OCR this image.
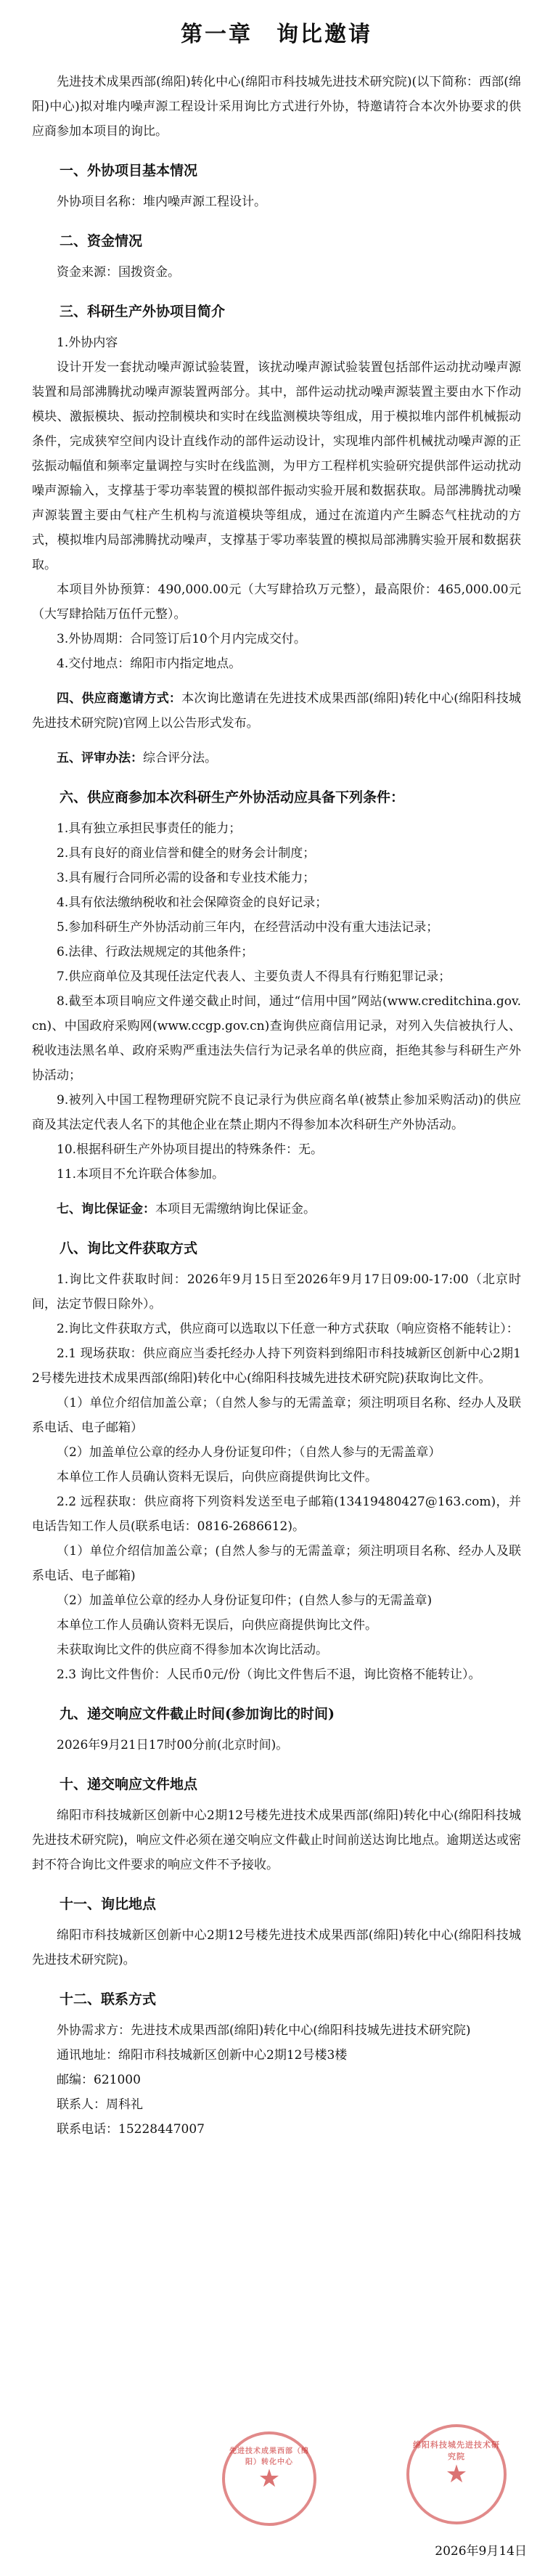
第一章　询比邀请

先进技术成果西部(绵阳)转化中心(绵阳市科技城先进技术研究院)(以下简称：西部(绵阳)中心)拟对堆内噪声源工程设计采用询比方式进行外协，特邀请符合本次外协要求的供应商参加本项目的询比。

一、外协项目基本情况

外协项目名称：堆内噪声源工程设计。

二、资金情况

资金来源：国拨资金。

三、科研生产外协项目简介

1.外协内容

设计开发一套扰动噪声源试验装置，该扰动噪声源试验装置包括部件运动扰动噪声源装置和局部沸腾扰动噪声源装置两部分。其中，部件运动扰动噪声源装置主要由水下作动模块、激振模块、振动控制模块和实时在线监测模块等组成，用于模拟堆内部件机械振动条件，完成狭窄空间内设计直线作动的部件运动设计，实现堆内部件机械扰动噪声源的正弦振动幅值和频率定量调控与实时在线监测，为甲方工程样机实验研究提供部件运动扰动噪声源输入，支撑基于零功率装置的模拟部件振动实验开展和数据获取。局部沸腾扰动噪声源装置主要由气柱产生机构与流道模块等组成，通过在流道内产生瞬态气柱扰动的方式，模拟堆内局部沸腾扰动噪声，支撑基于零功率装置的模拟局部沸腾实验开展和数据获取。

本项目外协预算：490,000.00元（大写肆拾玖万元整），最高限价：465,000.00元（大写肆拾陆万伍仟元整）。

3.外协周期：合同签订后10个月内完成交付。

4.交付地点：绵阳市内指定地点。

四、供应商邀请方式：本次询比邀请在先进技术成果西部(绵阳)转化中心(绵阳科技城先进技术研究院)官网上以公告形式发布。

五、评审办法：综合评分法。

六、供应商参加本次科研生产外协活动应具备下列条件：

1.具有独立承担民事责任的能力；

2.具有良好的商业信誉和健全的财务会计制度；

3.具有履行合同所必需的设备和专业技术能力；

4.具有依法缴纳税收和社会保障资金的良好记录；

5.参加科研生产外协活动前三年内，在经营活动中没有重大违法记录；

6.法律、行政法规规定的其他条件；

7.供应商单位及其现任法定代表人、主要负责人不得具有行贿犯罪记录；

8.截至本项目响应文件递交截止时间，通过“信用中国”网站(www.creditchina.gov.cn)、中国政府采购网(www.ccgp.gov.cn)查询供应商信用记录，对列入失信被执行人、税收违法黑名单、政府采购严重违法失信行为记录名单的供应商，拒绝其参与科研生产外协活动；

9.被列入中国工程物理研究院不良记录行为供应商名单(被禁止参加采购活动)的供应商及其法定代表人名下的其他企业在禁止期内不得参加本次科研生产外协活动。

10.根据科研生产外协项目提出的特殊条件：无。

11.本项目不允许联合体参加。

七、询比保证金：本项目无需缴纳询比保证金。

八、询比文件获取方式

1.询比文件获取时间：2026年9月15日至2026年9月17日09:00-17:00（北京时间，法定节假日除外）。

2.询比文件获取方式，供应商可以选取以下任意一种方式获取（响应资格不能转让）：

2.1 现场获取：供应商应当委托经办人持下列资料到绵阳市科技城新区创新中心2期12号楼先进技术成果西部(绵阳)转化中心(绵阳科技城先进技术研究院)获取询比文件。

（1）单位介绍信加盖公章；（自然人参与的无需盖章；须注明项目名称、经办人及联系电话、电子邮箱）

（2）加盖单位公章的经办人身份证复印件；（自然人参与的无需盖章）

本单位工作人员确认资料无误后，向供应商提供询比文件。

2.2 远程获取：供应商将下列资料发送至电子邮箱(13419480427@163.com)，并电话告知工作人员(联系电话：0816-2686612)。

（1）单位介绍信加盖公章；(自然人参与的无需盖章；须注明项目名称、经办人及联系电话、电子邮箱)

（2）加盖单位公章的经办人身份证复印件；(自然人参与的无需盖章)

本单位工作人员确认资料无误后，向供应商提供询比文件。

未获取询比文件的供应商不得参加本次询比活动。

2.3 询比文件售价：人民币0元/份（询比文件售后不退，询比资格不能转让）。

九、递交响应文件截止时间(参加询比的时间)

2026年9月21日17时00分前(北京时间)。

十、递交响应文件地点

绵阳市科技城新区创新中心2期12号楼先进技术成果西部(绵阳)转化中心(绵阳科技城先进技术研究院)，响应文件必须在递交响应文件截止时间前送达询比地点。逾期送达或密封不符合询比文件要求的响应文件不予接收。

十一、询比地点

绵阳市科技城新区创新中心2期12号楼先进技术成果西部(绵阳)转化中心(绵阳科技城先进技术研究院)。

十二、联系方式

外协需求方：先进技术成果西部(绵阳)转化中心(绵阳科技城先进技术研究院)

通讯地址：绵阳市科技城新区创新中心2期12号楼3楼

邮编：621000

联系人：周科礼

联系电话：15228447007

先进技术成果西部（绵阳）转化中心
★
绵阳科技城先进技术研究院
★
2026年9月14日
